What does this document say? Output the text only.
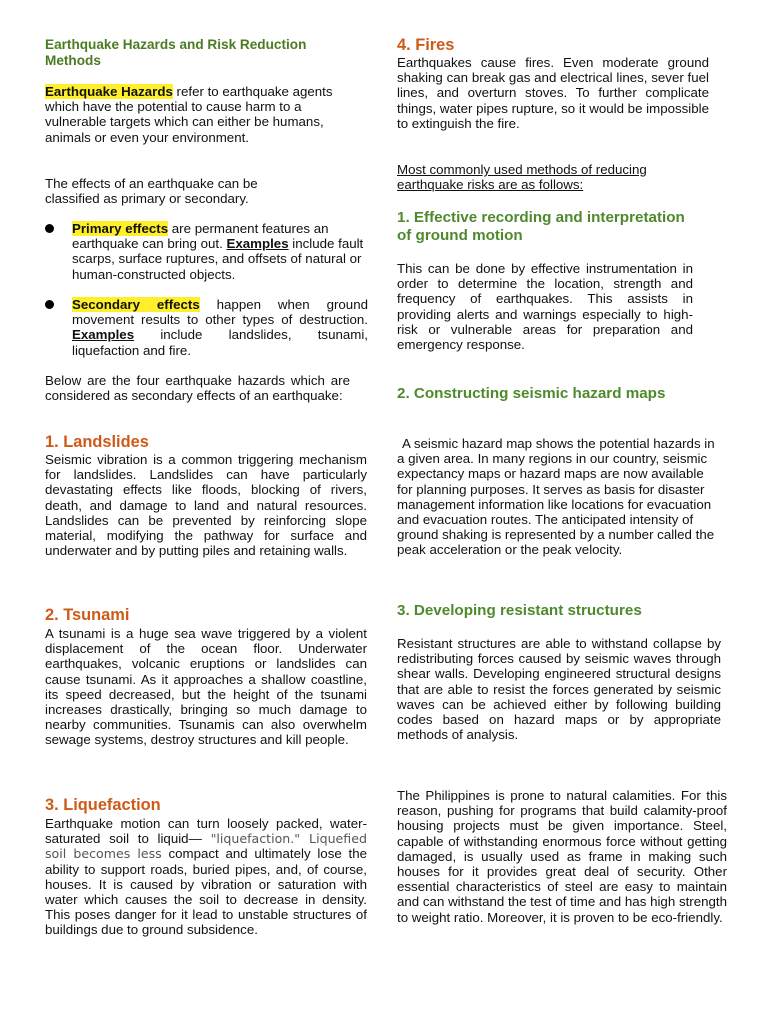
Earthquake Hazards and Risk Reduction Methods

Earthquake Hazards refer to earthquake agents which have the potential to cause harm to a vulnerable targets which can either be humans, animals or even your environment.

The effects of an earthquake can be classified as primary or secondary.

Primary effects are permanent features an earthquake can bring out. Examples include fault scarps, surface ruptures, and offsets of natural or human-constructed objects.

Secondary effects happen when ground movement results to other types of destruction. Examples include landslides, tsunami, liquefaction and fire.

Below are the four earthquake hazards which are considered as secondary effects of an earthquake:

1. Landslides

Seismic vibration is a common triggering mechanism for landslides. Landslides can have particularly devastating effects like floods, blocking of rivers, death, and damage to land and natural resources. Landslides can be prevented by reinforcing slope material, modifying the pathway for surface and underwater and by putting piles and retaining walls.

2. Tsunami

A tsunami is a huge sea wave triggered by a violent displacement of the ocean floor. Underwater earthquakes, volcanic eruptions or landslides can cause tsunami. As it approaches a shallow coastline, its speed decreased, but the height of the tsunami increases drastically, bringing so much damage to nearby communities. Tsunamis can also overwhelm sewage systems, destroy structures and kill people.

3. Liquefaction

Earthquake motion can turn loosely packed, water-saturated soil to liquid— "liquefaction." Liquefied soil becomes less compact and ultimately lose the ability to support roads, buried pipes, and, of course, houses. It is caused by vibration or saturation with water which causes the soil to decrease in density. This poses danger for it lead to unstable structures of buildings due to ground subsidence.

4. Fires

Earthquakes cause fires. Even moderate ground shaking can break gas and electrical lines, sever fuel lines, and overturn stoves. To further complicate things, water pipes rupture, so it would be impossible to extinguish the fire.

Most commonly used methods of reducing earthquake risks are as follows:

1. Effective recording and interpretation of ground motion

This can be done by effective instrumentation in order to determine the location, strength and frequency of earthquakes. This assists in providing alerts and warnings especially to high-risk or vulnerable areas for preparation and emergency response.

2. Constructing seismic hazard maps

A seismic hazard map shows the potential hazards in a given area. In many regions in our country, seismic expectancy maps or hazard maps are now available for planning purposes. It serves as basis for disaster management information like locations for evacuation and evacuation routes. The anticipated intensity of ground shaking is represented by a number called the peak acceleration or the peak velocity.

3. Developing resistant structures

Resistant structures are able to withstand collapse by redistributing forces caused by seismic waves through shear walls. Developing engineered structural designs that are able to resist the forces generated by seismic waves can be achieved either by following building codes based on hazard maps or by appropriate methods of analysis.

The Philippines is prone to natural calamities. For this reason, pushing for programs that build calamity-proof housing projects must be given importance. Steel, capable of withstanding enormous force without getting damaged, is usually used as frame in making such houses for it provides great deal of security. Other essential characteristics of steel are easy to maintain and can withstand the test of time and has high strength to weight ratio. Moreover, it is proven to be eco-friendly.
